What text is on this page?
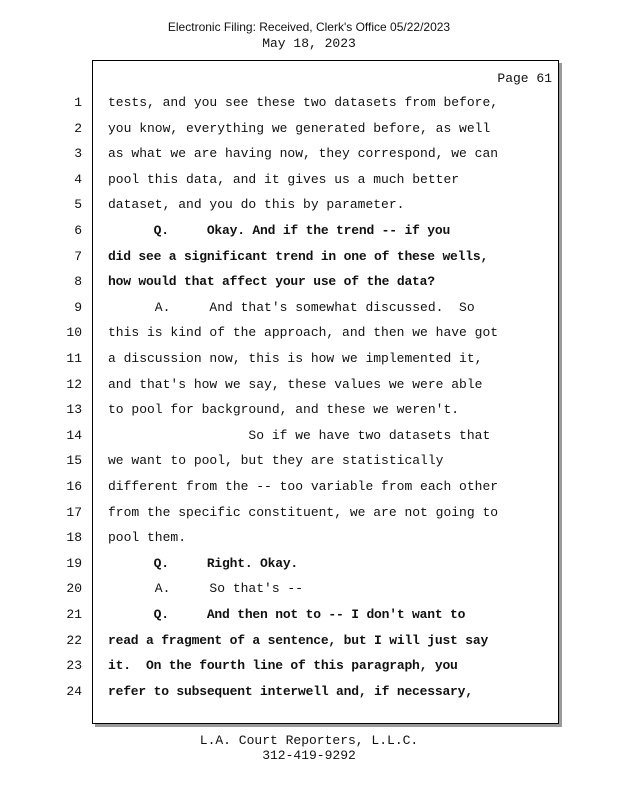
Electronic Filing: Received, Clerk's Office 05/22/2023
May 18, 2023
Page 61
1 tests, and you see these two datasets from before,
2 you know, everything we generated before, as well
3 as what we are having now, they correspond, we can
4 pool this data, and it gives us a much better
5 dataset, and you do this by parameter.
6 Q.     Okay. And if the trend -- if you
7 did see a significant trend in one of these wells,
8 how would that affect your use of the data?
9 A.     And that's somewhat discussed.  So
10 this is kind of the approach, and then we have got
11 a discussion now, this is how we implemented it,
12 and that's how we say, these values we were able
13 to pool for background, and these we weren't.
14 So if we have two datasets that
15 we want to pool, but they are statistically
16 different from the -- too variable from each other
17 from the specific constituent, we are not going to
18 pool them.
19 Q.     Right. Okay.
20 A.     So that's --
21 Q.     And then not to -- I don't want to
22 read a fragment of a sentence, but I will just say
23 it.  On the fourth line of this paragraph, you
24 refer to subsequent interwell and, if necessary,
L.A. Court Reporters, L.L.C.
312-419-9292
